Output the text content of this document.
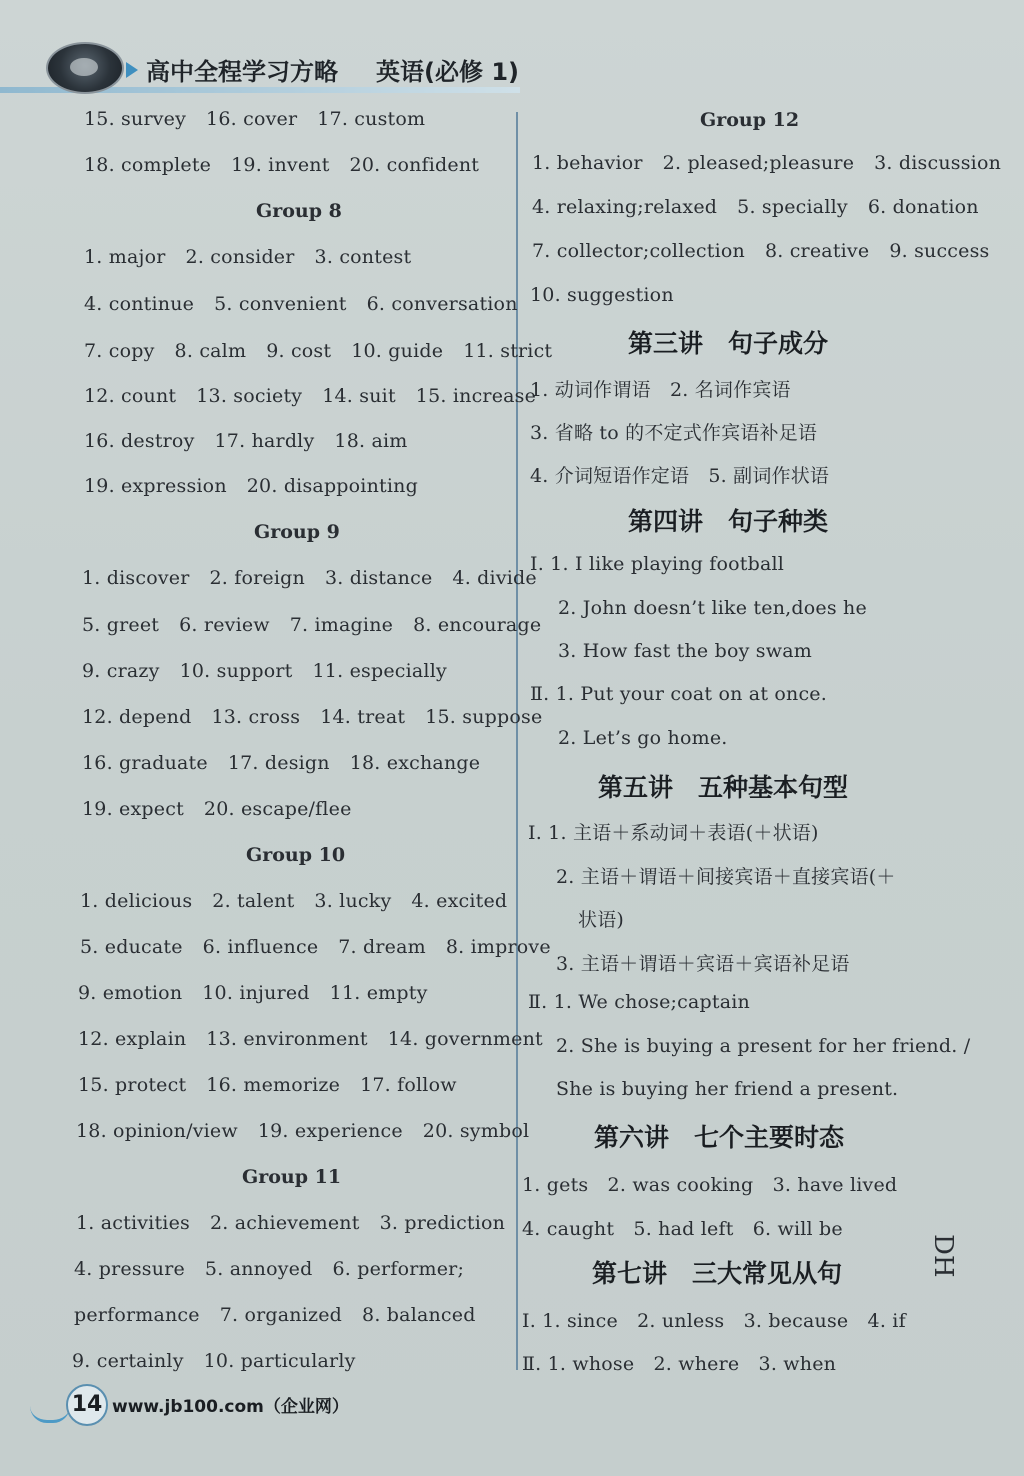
高中全程学习方略 英语(必修 1)
15. survey 16. cover 17. custom
18. complete 19. invent 20. confident
Group 8
1. major 2. consider 3. contest
4. continue 5. convenient 6. conversation
7. copy 8. calm 9. cost 10. guide 11. strict
12. count 13. society 14. suit 15. increase
16. destroy 17. hardly 18. aim
19. expression 20. disappointing
Group 9
1. discover 2. foreign 3. distance 4. divide
5. greet 6. review 7. imagine 8. encourage
9. crazy 10. support 11. especially
12. depend 13. cross 14. treat 15. suppose
16. graduate 17. design 18. exchange
19. expect 20. escape/flee
Group 10
1. delicious 2. talent 3. lucky 4. excited
5. educate 6. influence 7. dream 8. improve
9. emotion 10. injured 11. empty
12. explain 13. environment 14. government
15. protect 16. memorize 17. follow
18. opinion/view 19. experience 20. symbol
Group 11
1. activities 2. achievement 3. prediction
4. pressure 5. annoyed 6. performer;
performance 7. organized 8. balanced
9. certainly 10. particularly
Group 12
1. behavior 2. pleased;pleasure 3. discussion
4. relaxing;relaxed 5. specially 6. donation
7. collector;collection 8. creative 9. success
10. suggestion
第三讲　句子成分
1. 动词作谓语　2. 名词作宾语
3. 省略 to 的不定式作宾语补足语
4. 介词短语作定语　5. 副词作状语
第四讲　句子种类
Ⅰ. 1. I like playing football
2. John doesn’t like ten,does he
3. How fast the boy swam
Ⅱ. 1. Put your coat on at once.
2. Let’s go home.
第五讲　五种基本句型
Ⅰ. 1. 主语＋系动词＋表语(＋状语)
2. 主语＋谓语＋间接宾语＋直接宾语(＋
状语)
3. 主语＋谓语＋宾语＋宾语补足语
Ⅱ. 1. We chose;captain
2. She is buying a present for her friend. /
She is buying her friend a present.
第六讲　七个主要时态
1. gets　2. was cooking　3. have lived
4. caught　5. had left　6. will be
第七讲　三大常见从句
Ⅰ. 1. since　2. unless　3. because　4. if
Ⅱ. 1. whose　2. where　3. when
DH
14 www.jb100.com（企业网）
